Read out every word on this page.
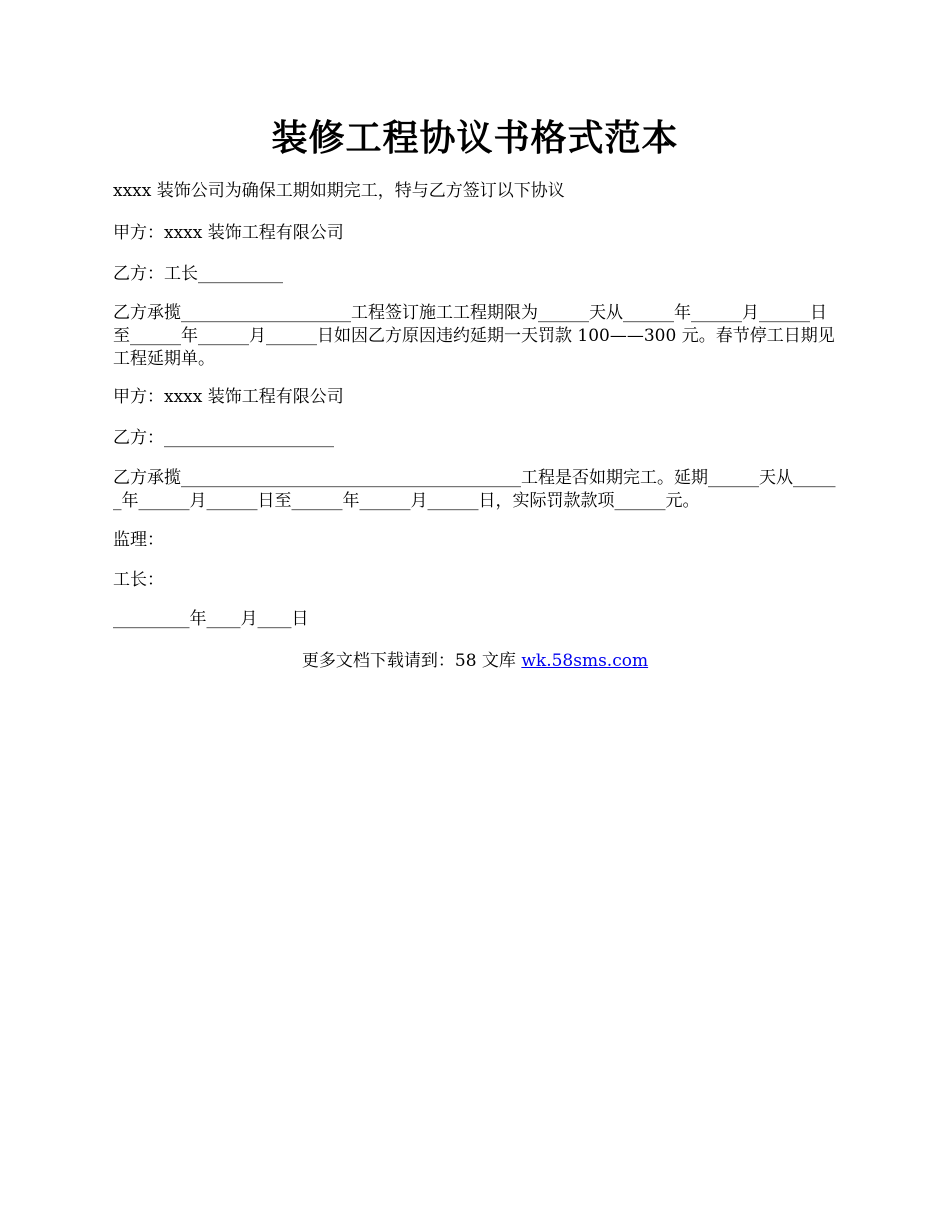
装修工程协议书格式范本

xxxx 装饰公司为确保工期如期完工，特与乙方签订以下协议

甲方：xxxx 装饰工程有限公司

乙方：工长__________

乙方承揽____________________工程签订施工工程期限为______天从______年______月______日至______年______月______日如因乙方原因违约延期一天罚款 100——300 元。春节停工日期见工程延期单。

甲方：xxxx 装饰工程有限公司

乙方：____________________

乙方承揽________________________________________工程是否如期完工。延期______天从______年______月______日至______年______月______日，实际罚款款项______元。

监理：

工长：

_________年____月____日

更多文档下载请到：58 文库 wk.58sms.com
